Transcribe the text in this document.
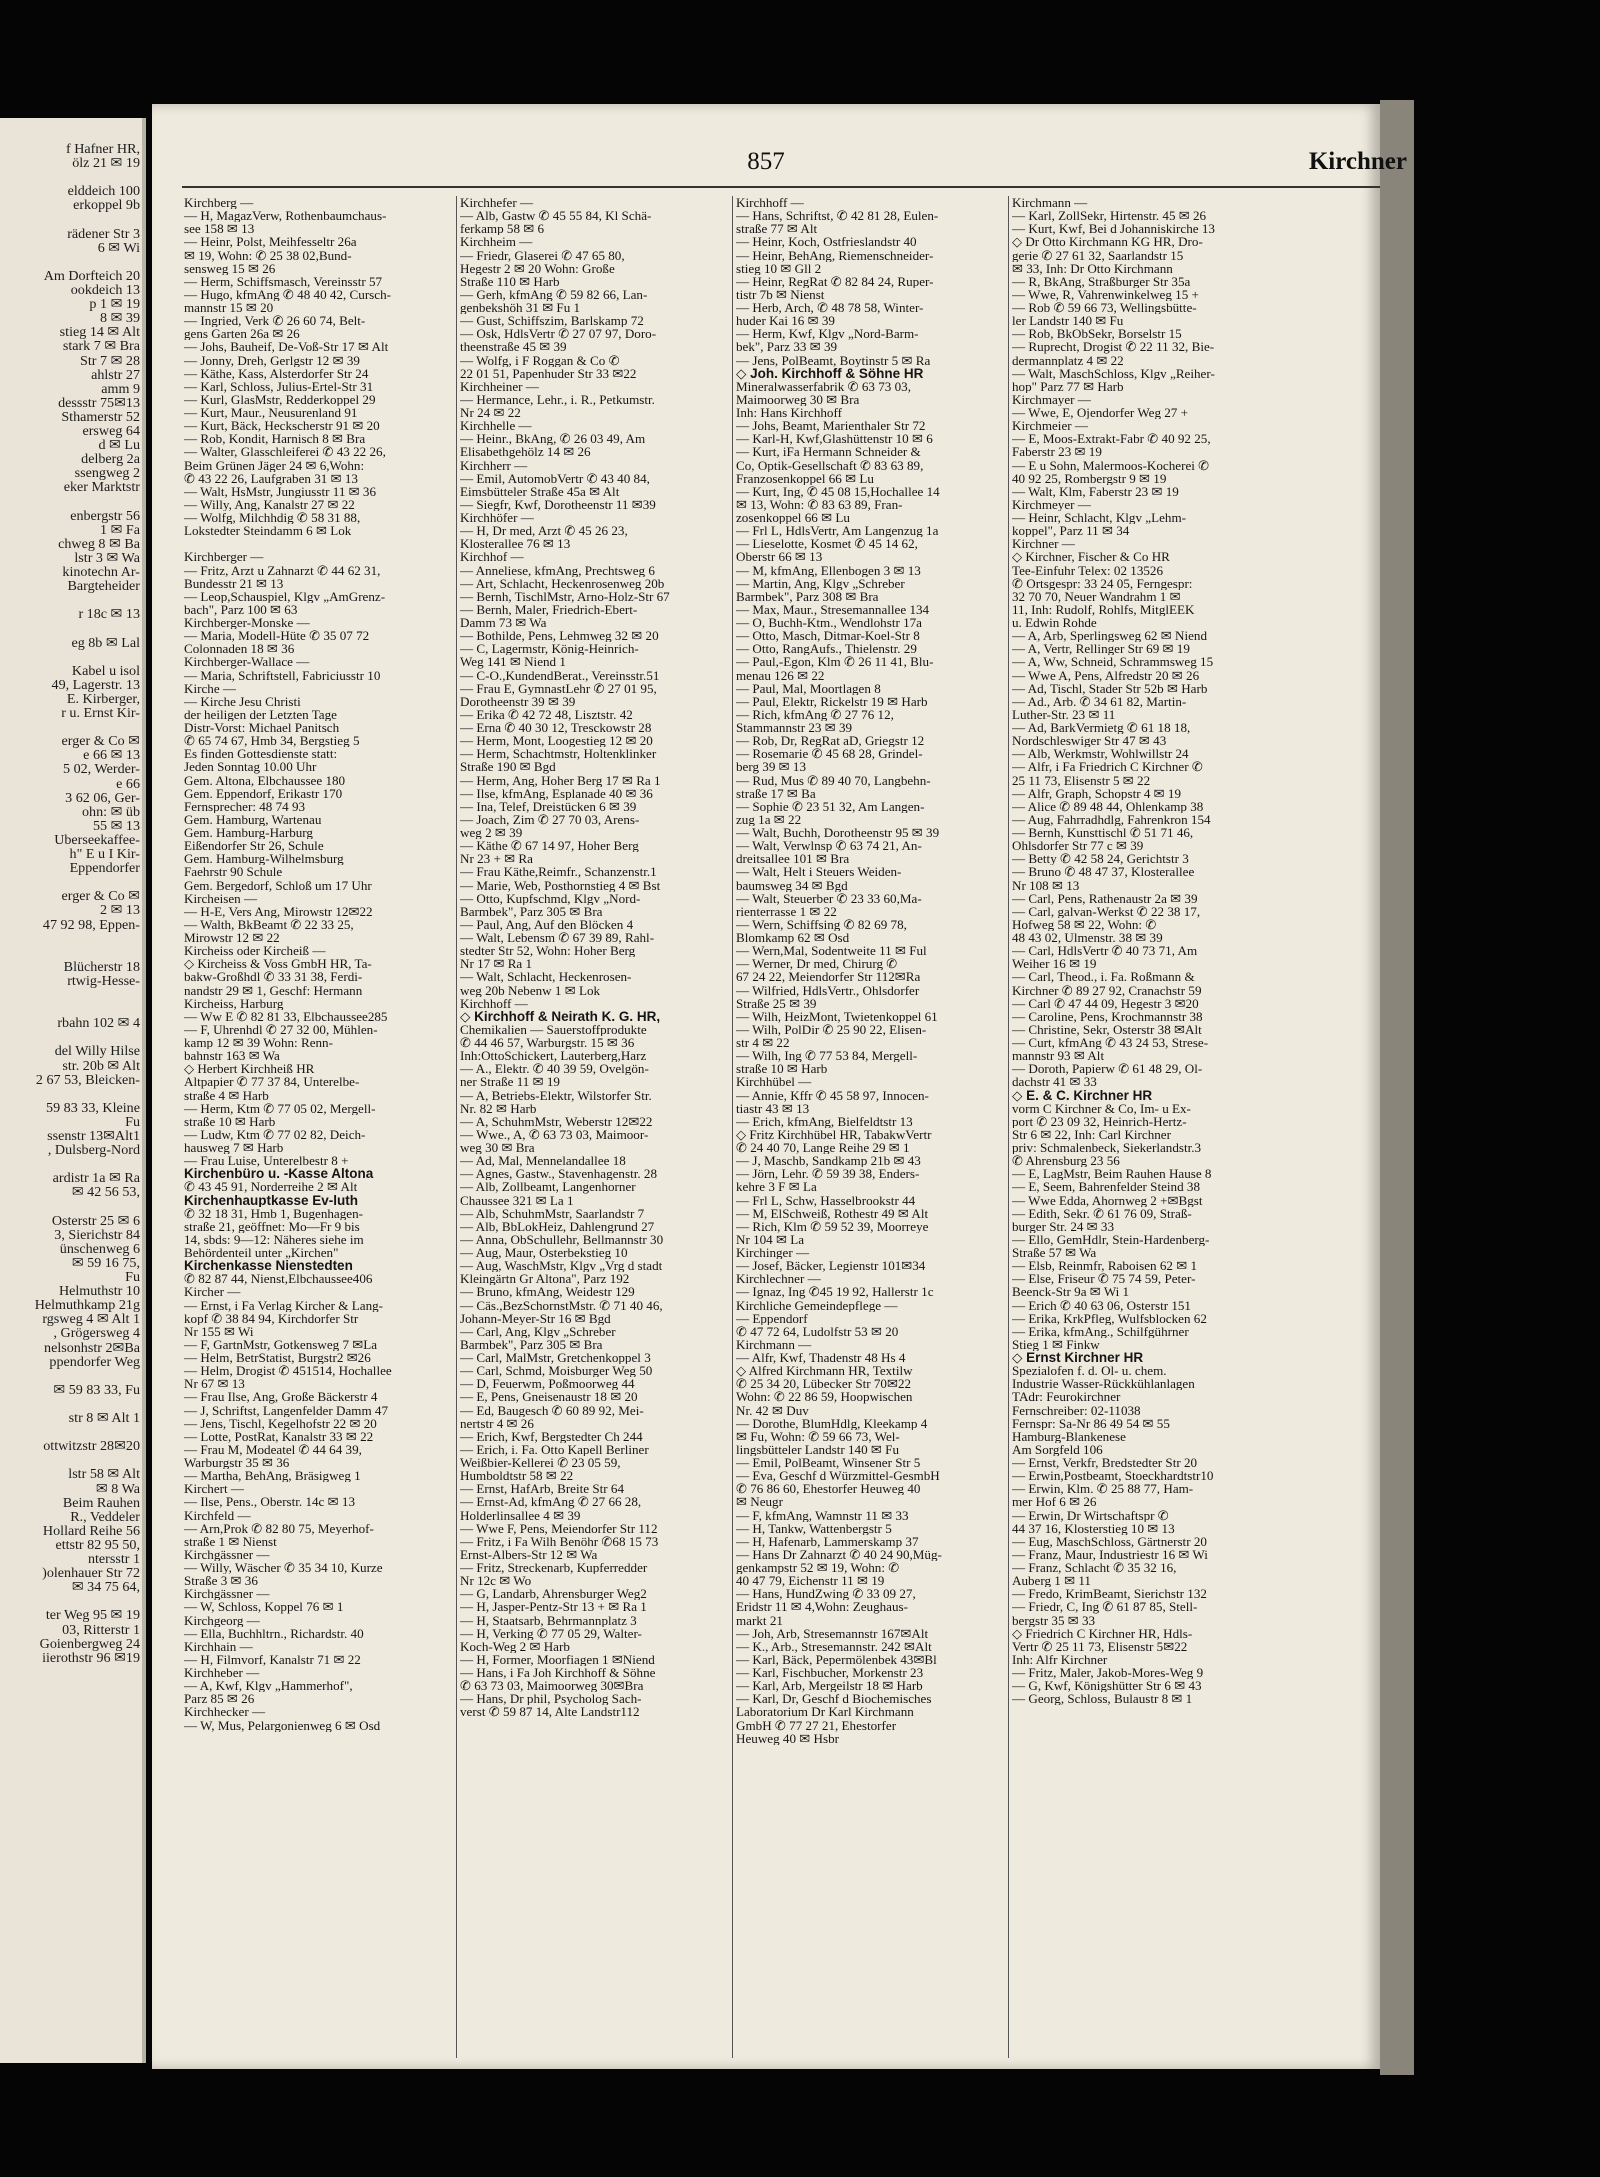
f Hafner HR,
ölz 21 ✉ 19
elddeich 100
erkoppel 9b
rädener Str 3
6 ✉ Wi
Am Dorfteich 20
ookdeich 13
p 1 ✉ 19
8 ✉ 39
stieg 14 ✉ Alt
stark 7 ✉ Bra
Str 7 ✉ 28
ahlstr 27
amm 9
dessstr 75✉13
Sthamerstr 52
ersweg 64
d ✉ Lu
delberg 2a
ssengweg 2
eker Marktstr
enbergstr 56
1 ✉ Fa
chweg 8 ✉ Ba
lstr 3 ✉ Wa
kinotechn Ar-
Bargteheider
r 18c ✉ 13
eg 8b ✉ Lal
Kabel u isol
49, Lagerstr. 13
E. Kirberger,
r u. Ernst Kir-
erger & Co ✉
e 66 ✉ 13
5 02, Werder-
e 66
3 62 06, Ger-
ohn: ✉ üb
55 ✉ 13
Uberseekaffee-
h" E u I Kir-
Eppendorfer
erger & Co ✉
2 ✉ 13
47 92 98, Eppen-
Blücherstr 18
rtwig-Hesse-
rbahn 102 ✉ 4
del Willy Hilse
str. 20b ✉ Alt
2 67 53, Bleicken-
59 83 33, Kleine
Fu
ssenstr 13✉Alt1
, Dulsberg-Nord
ardistr 1a ✉ Ra
✉ 42 56 53,
Osterstr 25 ✉ 6
3, Sierichstr 84
ünschenweg 6
✉ 59 16 75,
Fu
Helmuthstr 10
Helmuthkamp 21g
rgsweg 4 ✉ Alt 1
, Grögersweg 4
nelsonhstr 2✉Ba
ppendorfer Weg
✉ 59 83 33, Fu
str 8 ✉ Alt 1
ottwitzstr 28✉20
lstr 58 ✉ Alt
✉ 8 Wa
Beim Rauhen
R., Veddeler
Hollard Reihe 56
ettstr 82 95 50,
ntersstr 1
)olenhauer Str 72
✉ 34 75 64,
ter Weg 95 ✉ 19
03, Ritterstr 1
Goienbergweg 24
iierothstr 96 ✉19
857	Kirchner
Kirchberg —
— H, MagazVerw, Rothenbaumchaus-
see 158 ✉ 13
— Heinr, Polst, Meihfesseltr 26a
✉ 19, Wohn: ✆ 25 38 02,Bund-
sensweg 15 ✉ 26
— Herm, Schiffsmasch, Vereinsstr 57
— Hugo, kfmAng ✆ 48 40 42, Cursch-
mannstr 15 ✉ 20
— Ingried, Verk ✆ 26 60 74, Belt-
gens Garten 26a ✉ 26
— Johs, Bauheif, De-Voß-Str 17 ✉ Alt
— Jonny, Dreh, Gerlgstr 12 ✉ 39
— Käthe, Kass, Alsterdorfer Str 24
— Karl, Schloss, Julius-Ertel-Str 31
— Kurl, GlasMstr, Redderkoppel 29
— Kurt, Maur., Neusurenland 91
— Kurt, Bäck, Heckscherstr 91 ✉ 20
— Rob, Kondit, Harnisch 8 ✉ Bra
— Walter, Glasschleiferei ✆ 43 22 26,
Beim Grünen Jäger 24 ✉ 6,Wohn:
✆ 43 22 26, Laufgraben 31 ✉ 13
— Walt, HsMstr, Jungiusstr 11 ✉ 36
— Willy, Ang, Kanalstr 27 ✉ 22
— Wolfg, Milchhdig ✆ 58 31 88,
Lokstedter Steindamm 6 ✉ Lok
Kirchberger —
— Fritz, Arzt u Zahnarzt ✆ 44 62 31,
Bundesstr 21 ✉ 13
— Leop,Schauspiel, Klgv „AmGrenz-
bach", Parz 100 ✉ 63
Kirchberger-Monske —
— Maria, Modell-Hüte ✆ 35 07 72
Colonnaden 18 ✉ 36
Kirchberger-Wallace —
— Maria, Schriftstell, Fabriciusstr 10
Kirche —
— Kirche Jesu Christi
der heiligen der Letzten Tage
Distr-Vorst: Michael Panitsch
✆ 65 74 67, Hmb 34, Bergstieg 5
Es finden Gottesdienste statt:
Jeden Sonntag 10.00 Uhr
Gem. Altona, Elbchaussee 180
Gem. Eppendorf, Erikastr 170
Fernsprecher: 48 74 93
Gem. Hamburg, Wartenau
Gem. Hamburg-Harburg
Eißendorfer Str 26, Schule
Gem. Hamburg-Wilhelmsburg
Faehrstr 90 Schule
Gem. Bergedorf, Schloß um 17 Uhr
Kircheisen —
— H-E, Vers Ang, Mirowstr 12✉22
— Walth, BkBeamt ✆ 22 33 25,
Mirowstr 12 ✉ 22
Kircheiss oder Kircheiß —
◇ Kircheiss & Voss GmbH HR, Ta-
bakw-Großhdl ✆ 33 31 38, Ferdi-
nandstr 29 ✉ 1, Geschf: Hermann
Kircheiss, Harburg
— Ww E ✆ 82 81 33, Elbchaussee285
— F, Uhrenhdl ✆ 27 32 00, Mühlen-
kamp 12 ✉ 39 Wohn: Renn-
bahnstr 163 ✉ Wa
◇ Herbert Kirchheiß HR
Altpapier ✆ 77 37 84, Unterelbe-
straße 4 ✉ Harb
— Herm, Ktm ✆ 77 05 02, Mergell-
straße 10 ✉ Harb
— Ludw, Ktm ✆ 77 02 82, Deich-
hausweg 7 ✉ Harb
— Frau Luise, Unterelbestr 8 +
Kirchenbüro u. -Kasse Altona
✆ 43 45 91, Norderreihe 2 ✉ Alt
Kirchenhauptkasse Ev-luth
✆ 32 18 31, Hmb 1, Bugenhagen-
straße 21, geöffnet: Mo—Fr 9 bis
14, sbds: 9—12: Näheres siehe im
Behördenteil unter „Kirchen"
Kirchenkasse Nienstedten
✆ 82 87 44, Nienst,Elbchaussee406
Kircher —
— Ernst, i Fa Verlag Kircher & Lang-
kopf ✆ 38 84 94, Kirchdorfer Str
Nr 155 ✉ Wi
— F, GartnMstr, Gotkensweg 7 ✉La
— Helm, BetrStatist, Burgstr2 ✉26
— Helm, Drogist ✆ 451514, Hochallee
Nr 67 ✉ 13
— Frau Ilse, Ang, Große Bäckerstr 4
— J, Schriftst, Langenfelder Damm 47
— Jens, Tischl, Kegelhofstr 22 ✉ 20
— Lotte, PostRat, Kanalstr 33 ✉ 22
— Frau M, Modeatel ✆ 44 64 39,
Warburgstr 35 ✉ 36
— Martha, BehAng, Bräsigweg 1
Kirchert —
— Ilse, Pens., Oberstr. 14c ✉ 13
Kirchfeld —
— Arn,Prok ✆ 82 80 75, Meyerhof-
straße 1 ✉ Nienst
Kirchgässner —
— Willy, Wäscher ✆ 35 34 10, Kurze
Straße 3 ✉ 36
Kirchgässner —
— W, Schloss, Koppel 76 ✉ 1
Kirchgeorg —
— Ella, Buchhltrn., Richardstr. 40
Kirchhain —
— H, Filmvorf, Kanalstr 71 ✉ 22
Kirchheber —
— A, Kwf, Klgv „Hammerhof",
Parz 85 ✉ 26
Kirchhecker —
— W, Mus, Pelargonienweg 6 ✉ Osd
Kirchhefer —
— Alb, Gastw ✆ 45 55 84, Kl Schä-
ferkamp 58 ✉ 6
Kirchheim —
— Friedr, Glaserei ✆ 47 65 80,
Hegestr 2 ✉ 20 Wohn: Große
Straße 110 ✉ Harb
— Gerh, kfmAng ✆ 59 82 66, Lan-
genbekshöh 31 ✉ Fu 1
— Gust, Schiffszim, Barlskamp 72
— Osk, HdlsVertr ✆ 27 07 97, Doro-
theenstraße 45 ✉ 39
— Wolfg, i F Roggan & Co ✆
22 01 51, Papenhuder Str 33 ✉22
Kirchheiner —
— Hermance, Lehr., i. R., Petkumstr.
Nr 24 ✉ 22
Kirchhelle —
— Heinr., BkAng, ✆ 26 03 49, Am
Elisabethgehölz 14 ✉ 26
Kirchherr —
— Emil, AutomobVertr ✆ 43 40 84,
Eimsbütteler Straße 45a ✉ Alt
— Siegfr, Kwf, Dorotheenstr 11 ✉39
Kirchhöfer —
— H, Dr med, Arzt ✆ 45 26 23,
Klosterallee 76 ✉ 13
Kirchhof —
— Anneliese, kfmAng, Prechtsweg 6
— Art, Schlacht, Heckenrosenweg 20b
— Bernh, TischlMstr, Arno-Holz-Str 67
— Bernh, Maler, Friedrich-Ebert-
Damm 73 ✉ Wa
— Bothilde, Pens, Lehmweg 32 ✉ 20
— C, Lagermstr, König-Heinrich-
Weg 141 ✉ Niend 1
— C-O.,KundendBerat., Vereinsstr.51
— Frau E, GymnastLehr ✆ 27 01 95,
Dorotheenstr 39 ✉ 39
— Erika ✆ 42 72 48, Lisztstr. 42
— Erna ✆ 40 30 12, Tresckowstr 28
— Herm, Mont, Loogestieg 12 ✉ 20
— Herm, Schachtmstr, Holtenklinker
Straße 190 ✉ Bgd
— Herm, Ang, Hoher Berg 17 ✉ Ra 1
— Ilse, kfmAng, Esplanade 40 ✉ 36
— Ina, Telef, Dreistücken 6 ✉ 39
— Joach, Zim ✆ 27 70 03, Arens-
weg 2 ✉ 39
— Käthe ✆ 67 14 97, Hoher Berg
Nr 23 + ✉ Ra
— Frau Käthe,Reimfr., Schanzenstr.1
— Marie, Web, Posthornstieg 4 ✉ Bst
— Otto, Kupfschmd, Klgv „Nord-
Barmbek", Parz 305 ✉ Bra
— Paul, Ang, Auf den Blöcken 4
— Walt, Lebensm ✆ 67 39 89, Rahl-
stedter Str 52, Wohn: Hoher Berg
Nr 17 ✉ Ra 1
— Walt, Schlacht, Heckenrosen-
weg 20b Nebenw 1 ✉ Lok
Kirchhoff —
◇ Kirchhoff & Neirath K. G. HR,
Chemikalien — Sauerstoffprodukte
✆ 44 46 57, Warburgstr. 15 ✉ 36
Inh:OttoSchickert, Lauterberg,Harz
— A., Elektr. ✆ 40 39 59, Ovelgön-
ner Straße 11 ✉ 19
— A, Betriebs-Elektr, Wilstorfer Str.
Nr. 82 ✉ Harb
— A, SchuhmMstr, Weberstr 12✉22
— Wwe., A, ✆ 63 73 03, Maimoor-
weg 30 ✉ Bra
— Ad, Mal, Mennelandallee 18
— Agnes, Gastw., Stavenhagenstr. 28
— Alb, Zollbeamt, Langenhorner
Chaussee 321 ✉ La 1
— Alb, SchuhmMstr, Saarlandstr 7
— Alb, BbLokHeiz, Dahlengrund 27
— Anna, ObSchullehr, Bellmannstr 30
— Aug, Maur, Osterbekstieg 10
— Aug, WaschMstr, Klgv „Vrg d stadt
Kleingärtn Gr Altona", Parz 192
— Bruno, kfmAng, Weidestr 129
— Cäs.,BezSchornstMstr. ✆ 71 40 46,
Johann-Meyer-Str 16 ✉ Bgd
— Carl, Ang, Klgv „Schreber
Barmbek", Parz 305 ✉ Bra
— Carl, MalMstr, Gretchenkoppel 3
— Carl, Schmd, Moisburger Weg 50
— D, Feuerwm, Poßmoorweg 44
— E, Pens, Gneisenaustr 18 ✉ 20
— Ed, Baugesch ✆ 60 89 92, Mei-
nertstr 4 ✉ 26
— Erich, Kwf, Bergstedter Ch 244
— Erich, i. Fa. Otto Kapell Berliner
Weißbier-Kellerei ✆ 23 05 59,
Humboldtstr 58 ✉ 22
— Ernst, HafArb, Breite Str 64
— Ernst-Ad, kfmAng ✆ 27 66 28,
Holderlinsallee 4 ✉ 39
— Wwe F, Pens, Meiendorfer Str 112
— Fritz, i Fa Wilh Benöhr ✆68 15 73
Ernst-Albers-Str 12 ✉ Wa
— Fritz, Streckenarb, Kupferredder
Nr 12c ✉ Wo
— G, Landarb, Ahrensburger Weg2
— H, Jasper-Pentz-Str 13 + ✉ Ra 1
— H, Staatsarb, Behrmannplatz 3
— H, Verking ✆ 77 05 29, Walter-
Koch-Weg 2 ✉ Harb
— H, Former, Moorfiagen 1 ✉Niend
— Hans, i Fa Joh Kirchhoff & Söhne
✆ 63 73 03, Maimoorweg 30✉Bra
— Hans, Dr phil, Psycholog Sach-
verst ✆ 59 87 14, Alte Landstr112
Kirchhoff —
— Hans, Schriftst, ✆ 42 81 28, Eulen-
straße 77 ✉ Alt
— Heinr, Koch, Ostfrieslandstr 40
— Heinr, BehAng, Riemenschneider-
stieg 10 ✉ Gll 2
— Heinr, RegRat ✆ 82 84 24, Ruper-
tistr 7b ✉ Nienst
— Herb, Arch, ✆ 48 78 58, Winter-
huder Kai 16 ✉ 39
— Herm, Kwf, Klgv „Nord-Barm-
bek", Parz 33 ✉ 39
— Jens, PolBeamt, Boytinstr 5 ✉ Ra
◇ Joh. Kirchhoff & Söhne HR
Mineralwasserfabrik ✆ 63 73 03,
Maimoorweg 30 ✉ Bra
Inh: Hans Kirchhoff
— Johs, Beamt, Marienthaler Str 72
— Karl-H, Kwf,Glashüttenstr 10 ✉ 6
— Kurt, iFa Hermann Schneider &
Co, Optik-Gesellschaft ✆ 83 63 89,
Franzosenkoppel 66 ✉ Lu
— Kurt, Ing, ✆ 45 08 15,Hochallee 14
✉ 13, Wohn: ✆ 83 63 89, Fran-
zosenkoppel 66 ✉ Lu
— Frl L, HdlsVertr, Am Langenzug 1a
— Lieselotte, Kosmet ✆ 45 14 62,
Oberstr 66 ✉ 13
— M, kfmAng, Ellenbogen 3 ✉ 13
— Martin, Ang, Klgv „Schreber
Barmbek", Parz 308 ✉ Bra
— Max, Maur., Stresemannallee 134
— O, Buchh-Ktm., Wendlohstr 17a
— Otto, Masch, Ditmar-Koel-Str 8
— Otto, RangAufs., Thielenstr. 29
— Paul,-Egon, Klm ✆ 26 11 41, Blu-
menau 126 ✉ 22
— Paul, Mal, Moortlagen 8
— Paul, Elektr, Rickelstr 19 ✉ Harb
— Rich, kfmAng ✆ 27 76 12,
Stammannstr 23 ✉ 39
— Rob, Dr, RegRat aD, Griegstr 12
— Rosemarie ✆ 45 68 28, Grindel-
berg 39 ✉ 13
— Rud, Mus ✆ 89 40 70, Langbehn-
straße 17 ✉ Ba
— Sophie ✆ 23 51 32, Am Langen-
zug 1a ✉ 22
— Walt, Buchh, Dorotheenstr 95 ✉ 39
— Walt, Verwlnsp ✆ 63 74 21, An-
dreitsallee 101 ✉ Bra
— Walt, Helt i Steuers Weiden-
baumsweg 34 ✉ Bgd
— Walt, Steuerber ✆ 23 33 60,Ma-
rienterrasse 1 ✉ 22
— Wern, Schiffsing ✆ 82 69 78,
Blomkamp 62 ✉ Osd
— Wern,Mal, Sodentweite 11 ✉ Ful
— Werner, Dr med, Chirurg ✆
67 24 22, Meiendorfer Str 112✉Ra
— Wilfried, HdlsVertr., Ohlsdorfer
Straße 25 ✉ 39
— Wilh, HeizMont, Twietenkoppel 61
— Wilh, PolDir ✆ 25 90 22, Elisen-
str 4 ✉ 22
— Wilh, Ing ✆ 77 53 84, Mergell-
straße 10 ✉ Harb
Kirchhübel —
— Annie, Kffr ✆ 45 58 97, Innocen-
tiastr 43 ✉ 13
— Erich, kfmAng, Bielfeldtstr 13
◇ Fritz Kirchhübel HR, TabakwVertr
✆ 24 40 70, Lange Reihe 29 ✉ 1
— J, Maschb, Sandkamp 21b ✉ 43
— Jörn, Lehr. ✆ 59 39 38, Enders-
kehre 3 F ✉ La
— Frl L, Schw, Hasselbrookstr 44
— M, ElSchweiß, Rothestr 49 ✉ Alt
— Rich, Klm ✆ 59 52 39, Moorreye
Nr 104 ✉ La
Kirchinger —
— Josef, Bäcker, Legienstr 101✉34
Kirchlechner —
— Ignaz, Ing ✆45 19 92, Hallerstr 1c
Kirchliche Gemeindepflege —
— Eppendorf
✆ 47 72 64, Ludolfstr 53 ✉ 20
Kirchmann —
— Alfr, Kwf, Thadenstr 48 Hs 4
◇ Alfred Kirchmann HR, Textilw
✆ 25 34 20, Lübecker Str 70✉22
Wohn: ✆ 22 86 59, Hoopwischen
Nr. 42 ✉ Duv
— Dorothe, BlumHdlg, Kleekamp 4
✉ Fu, Wohn: ✆ 59 66 73, Wel-
lingsbütteler Landstr 140 ✉ Fu
— Emil, PolBeamt, Winsener Str 5
— Eva, Geschf d Würzmittel-GesmbH
✆ 76 86 60, Ehestorfer Heuweg 40
✉ Neugr
— F, kfmAng, Wamnstr 11 ✉ 33
— H, Tankw, Wattenbergstr 5
— H, Hafenarb, Lammerskamp 37
— Hans Dr Zahnarzt ✆ 40 24 90,Müg-
genkampstr 52 ✉ 19, Wohn: ✆
40 47 79, Eichenstr 11 ✉ 19
— Hans, HundZwing ✆ 33 09 27,
Eridstr 11 ✉ 4,Wohn: Zeughaus-
markt 21
— Joh, Arb, Stresemannstr 167✉Alt
— K., Arb., Stresemannstr. 242 ✉Alt
— Karl, Bäck, Pepermölenbek 43✉Bl
— Karl, Fischbucher, Morkenstr 23
— Karl, Arb, Mergeilstr 18 ✉ Harb
— Karl, Dr, Geschf d Biochemisches
Laboratorium Dr Karl Kirchmann
GmbH ✆ 77 27 21, Ehestorfer
Heuweg 40 ✉ Hsbr
Kirchmann —
— Karl, ZollSekr, Hirtenstr. 45 ✉ 26
— Kurt, Kwf, Bei d Johanniskirche 13
◇ Dr Otto Kirchmann KG HR, Dro-
gerie ✆ 27 61 32, Saarlandstr 15
✉ 33, Inh: Dr Otto Kirchmann
— R, BkAng, Straßburger Str 35a
— Wwe, R, Vahrenwinkelweg 15 +
— Rob ✆ 59 66 73, Wellingsbütte-
ler Landstr 140 ✉ Fu
— Rob, BkObSekr, Borselstr 15
— Ruprecht, Drogist ✆ 22 11 32, Bie-
dermannplatz 4 ✉ 22
— Walt, MaschSchloss, Klgv „Reiher-
hop" Parz 77 ✉ Harb
Kirchmayer —
— Wwe, E, Ojendorfer Weg 27 +
Kirchmeier —
— E, Moos-Extrakt-Fabr ✆ 40 92 25,
Faberstr 23 ✉ 19
— E u Sohn, Malermoos-Kocherei ✆
40 92 25, Rombergstr 9 ✉ 19
— Walt, Klm, Faberstr 23 ✉ 19
Kirchmeyer —
— Heinr, Schlacht, Klgv „Lehm-
koppel", Parz 11 ✉ 34
Kirchner —
◇ Kirchner, Fischer & Co HR
Tee-Einfuhr Telex: 02 13526
✆ Ortsgespr: 33 24 05, Ferngespr:
32 70 70, Neuer Wandrahm 1 ✉
11, Inh: Rudolf, Rohlfs, MitglEEK
u. Edwin Rohde
— A, Arb, Sperlingsweg 62 ✉ Niend
— A, Vertr, Rellinger Str 69 ✉ 19
— A, Ww, Schneid, Schrammsweg 15
— Wwe A, Pens, Alfredstr 20 ✉ 26
— Ad, Tischl, Stader Str 52b ✉ Harb
— Ad., Arb. ✆ 34 61 82, Martin-
Luther-Str. 23 ✉ 11
— Ad, BarkVermietg ✆ 61 18 18,
Nordschleswiger Str 47 ✉ 43
— Alb, Werkmstr, Wohlwillstr 24
— Alfr, i Fa Friedrich C Kirchner ✆
25 11 73, Elisenstr 5 ✉ 22
— Alfr, Graph, Schopstr 4 ✉ 19
— Alice ✆ 89 48 44, Ohlenkamp 38
— Aug, Fahrradhdlg, Fahrenkron 154
— Bernh, Kunsttischl ✆ 51 71 46,
Ohlsdorfer Str 77 c ✉ 39
— Betty ✆ 42 58 24, Gerichtstr 3
— Bruno ✆ 48 47 37, Klosterallee
Nr 108 ✉ 13
— Carl, Pens, Rathenaustr 2a ✉ 39
— Carl, galvan-Werkst ✆ 22 38 17,
Hofweg 58 ✉ 22, Wohn: ✆
48 43 02, Ulmenstr. 38 ✉ 39
— Carl, HdlsVertr ✆ 40 73 71, Am
Weiher 16 ✉ 19
— Carl, Theod., i. Fa. Roßmann &
Kirchner ✆ 89 27 92, Cranachstr 59
— Carl ✆ 47 44 09, Hegestr 3 ✉20
— Caroline, Pens, Krochmannstr 38
— Christine, Sekr, Osterstr 38 ✉Alt
— Curt, kfmAng ✆ 43 24 53, Strese-
mannstr 93 ✉ Alt
— Doroth, Papierw ✆ 61 48 29, Ol-
dachstr 41 ✉ 33
◇ E. & C. Kirchner HR
vorm C Kirchner & Co, Im- u Ex-
port ✆ 23 09 32, Heinrich-Hertz-
Str 6 ✉ 22, Inh: Carl Kirchner
priv: Schmalenbeck, Siekerlandstr.3
✆ Ahrensburg 23 56
— E, LagMstr, Beim Rauhen Hause 8
— E, Seem, Bahrenfelder Steind 38
— Wwe Edda, Ahornweg 2 +✉Bgst
— Edith, Sekr. ✆ 61 76 09, Straß-
burger Str. 24 ✉ 33
— Ello, GemHdlr, Stein-Hardenberg-
Straße 57 ✉ Wa
— Elsb, Reinmfr, Raboisen 62 ✉ 1
— Else, Friseur ✆ 75 74 59, Peter-
Beenck-Str 9a ✉ Wi 1
— Erich ✆ 40 63 06, Osterstr 151
— Erika, KrkPfleg, Wulfsblocken 62
— Erika, kfmAng., Schilfgührner
Stieg 1 ✉ Finkw
◇ Ernst Kirchner HR
Spezialofen f. d. Ol- u. chem.
Industrie Wasser-Rückkühlanlagen
TAdr: Feurokirchner
Fernschreiber: 02-11038
Fernspr: Sa-Nr 86 49 54 ✉ 55
Hamburg-Blankenese
Am Sorgfeld 106
— Ernst, Verkfr, Bredstedter Str 20
— Erwin,Postbeamt, Stoeckhardtstr10
— Erwin, Klm. ✆ 25 88 77, Ham-
mer Hof 6 ✉ 26
— Erwin, Dr Wirtschaftspr ✆
44 37 16, Klosterstieg 10 ✉ 13
— Eug, MaschSchloss, Gärtnerstr 20
— Franz, Maur, Industriestr 16 ✉ Wi
— Franz, Schlacht ✆ 35 32 16,
Auberg 1 ✉ 11
— Fredo, KrimBeamt, Sierichstr 132
— Friedr, C, Ing ✆ 61 87 85, Stell-
bergstr 35 ✉ 33
◇ Friedrich C Kirchner HR, Hdls-
Vertr ✆ 25 11 73, Elisenstr 5✉22
Inh: Alfr Kirchner
— Fritz, Maler, Jakob-Mores-Weg 9
— G, Kwf, Königshütter Str 6 ✉ 43
— Georg, Schloss, Bulaustr 8 ✉ 1
